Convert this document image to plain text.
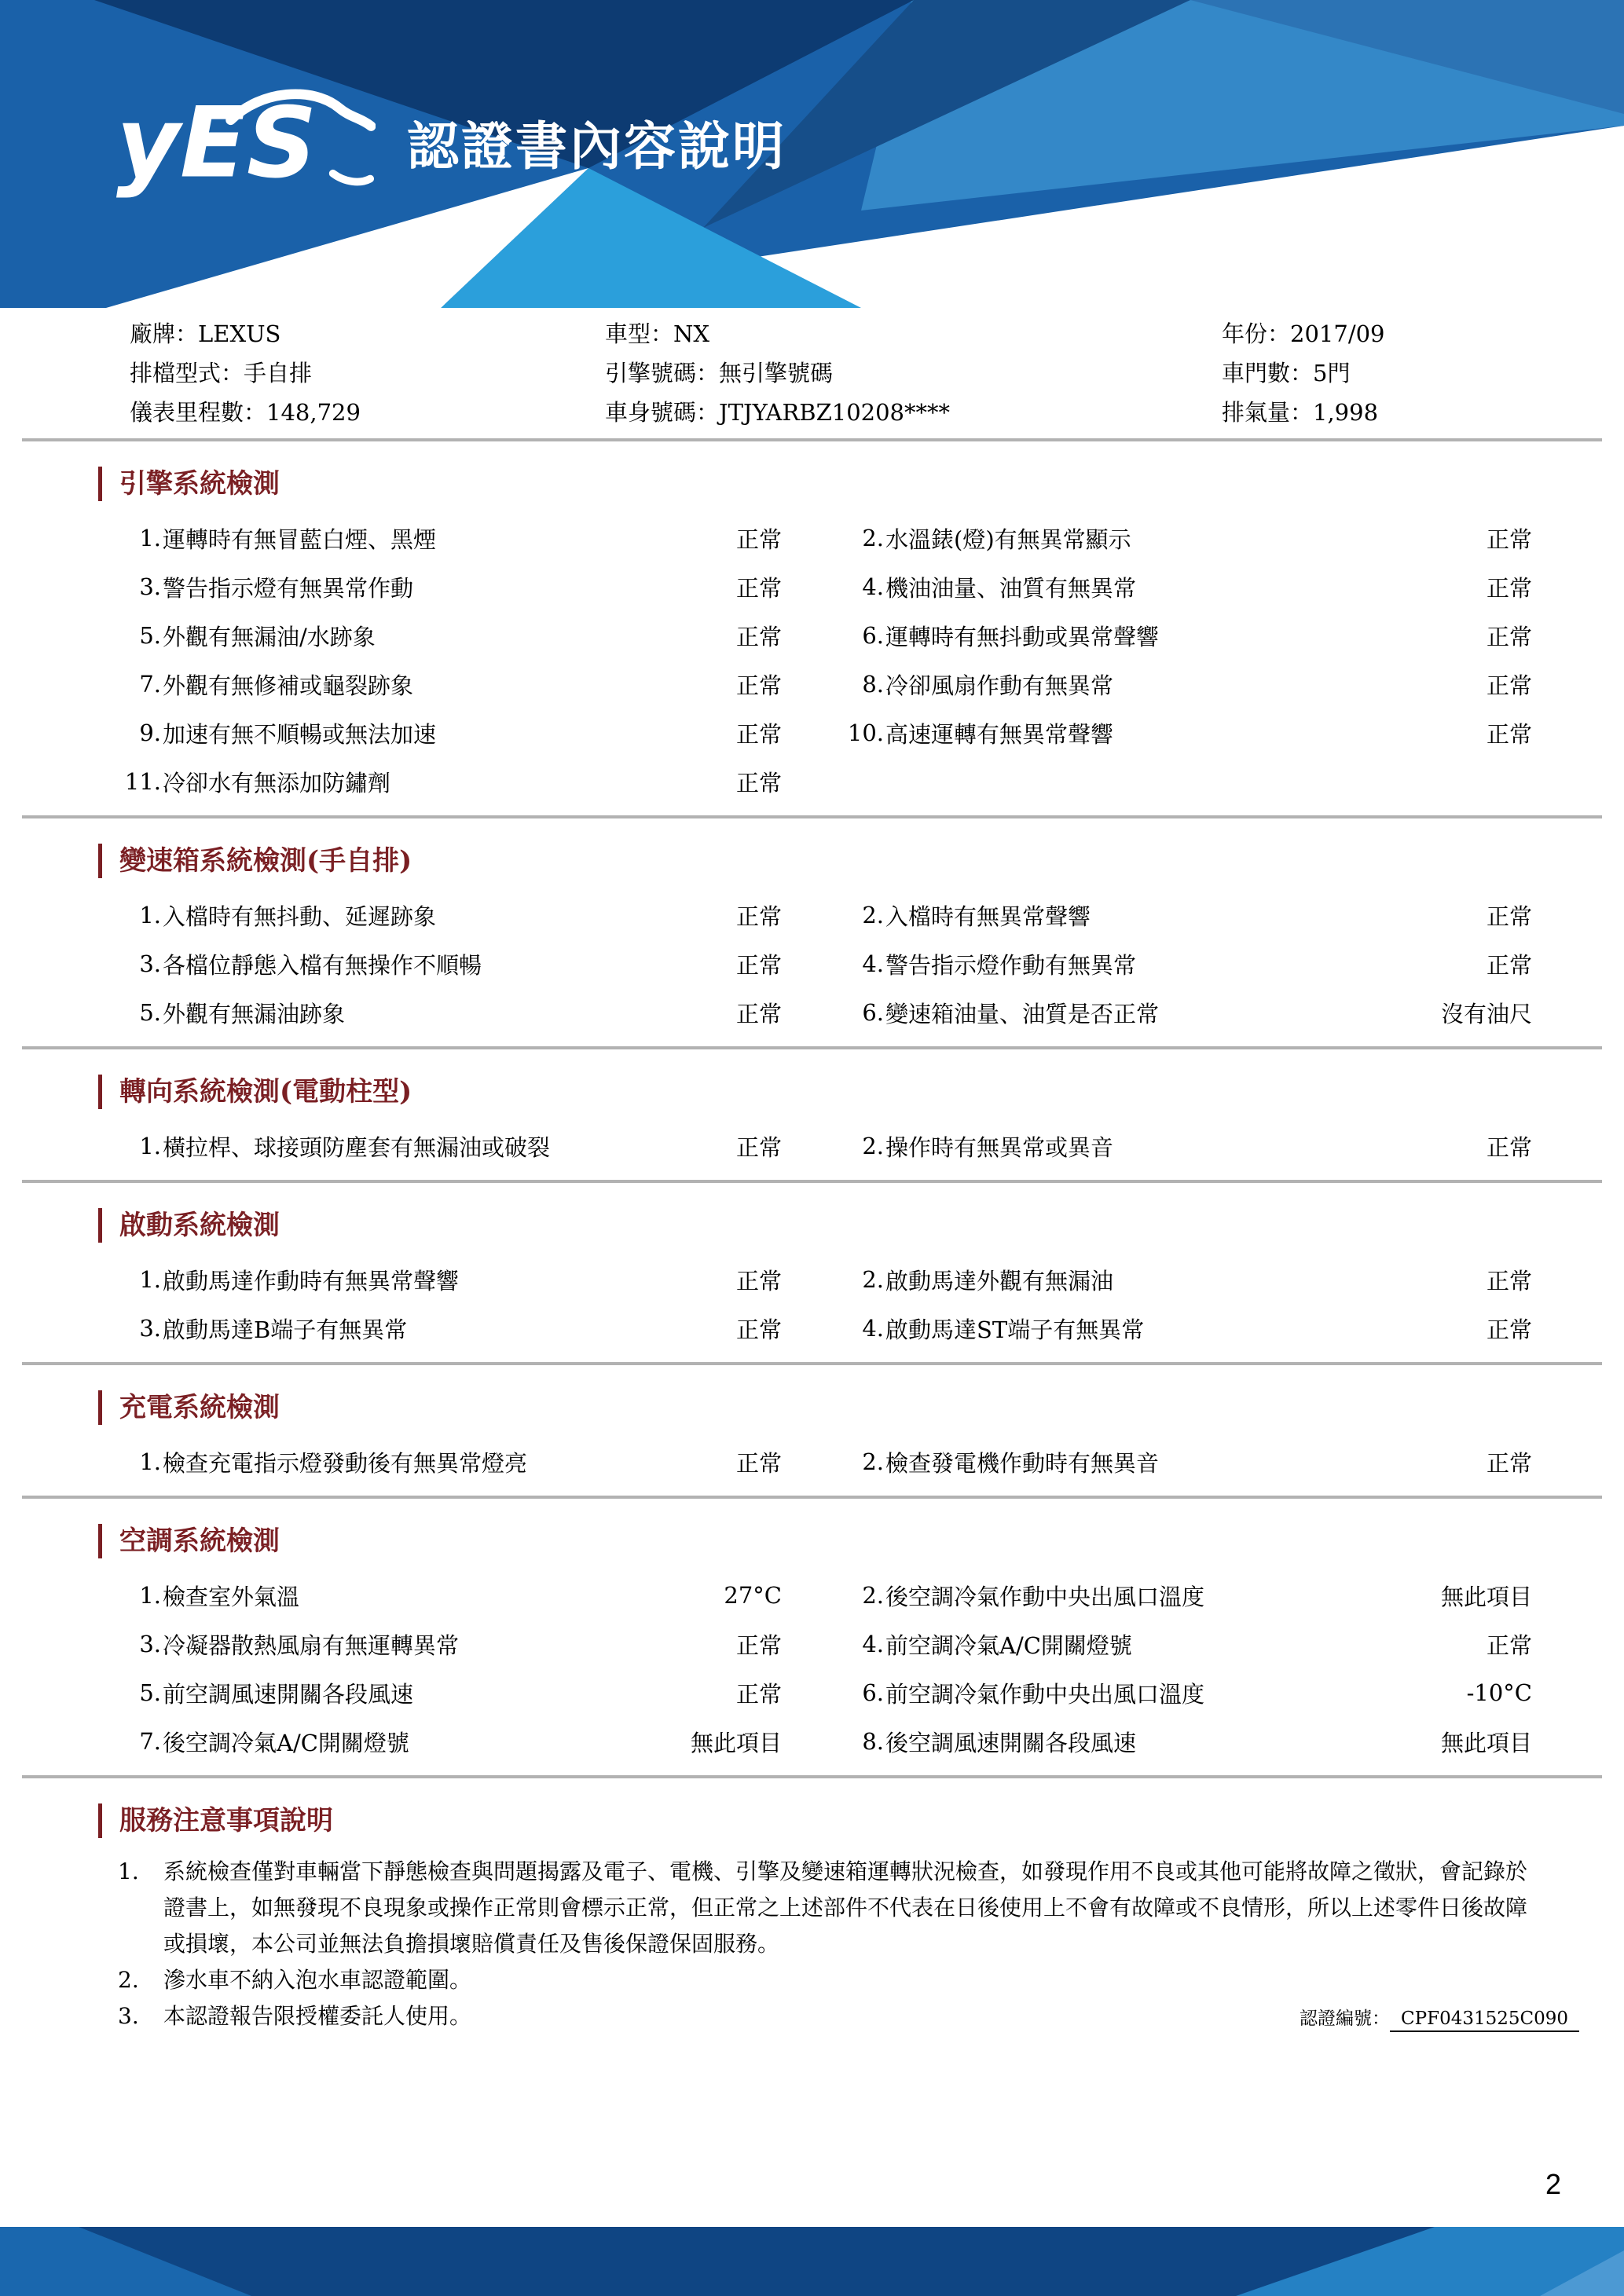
yES 認證書內容說明
廠牌：LEXUS	車型：NX	年份：2017/09
排檔型式：手自排	引擎號碼：無引擎號碼	車門數：5門
儀表里程數：148,729	車身號碼：JTJYARBZ10208****	排氣量：1,998
引擎系統檢測
1. 運轉時有無冒藍白煙、黑煙	正常	2. 水溫錶(燈)有無異常顯示	正常
3. 警告指示燈有無異常作動	正常	4. 機油油量、油質有無異常	正常
5. 外觀有無漏油/水跡象	正常	6. 運轉時有無抖動或異常聲響	正常
7. 外觀有無修補或龜裂跡象	正常	8. 冷卻風扇作動有無異常	正常
9. 加速有無不順暢或無法加速	正常	10. 高速運轉有無異常聲響	正常
11. 冷卻水有無添加防鏽劑	正常
變速箱系統檢測(手自排)
1. 入檔時有無抖動、延遲跡象	正常	2. 入檔時有無異常聲響	正常
3. 各檔位靜態入檔有無操作不順暢	正常	4. 警告指示燈作動有無異常	正常
5. 外觀有無漏油跡象	正常	6. 變速箱油量、油質是否正常	沒有油尺
轉向系統檢測(電動柱型)
1. 橫拉桿、球接頭防塵套有無漏油或破裂	正常	2. 操作時有無異常或異音	正常
啟動系統檢測
1. 啟動馬達作動時有無異常聲響	正常	2. 啟動馬達外觀有無漏油	正常
3. 啟動馬達B端子有無異常	正常	4. 啟動馬達ST端子有無異常	正常
充電系統檢測
1. 檢查充電指示燈發動後有無異常燈亮	正常	2. 檢查發電機作動時有無異音	正常
空調系統檢測
1. 檢查室外氣溫	27°C	2. 後空調冷氣作動中央出風口溫度	無此項目
3. 冷凝器散熱風扇有無運轉異常	正常	4. 前空調冷氣A/C開關燈號	正常
5. 前空調風速開關各段風速	正常	6. 前空調冷氣作動中央出風口溫度	-10°C
7. 後空調冷氣A/C開關燈號	無此項目	8. 後空調風速開關各段風速	無此項目
服務注意事項說明
1.	系統檢查僅對車輛當下靜態檢查與問題揭露及電子、電機、引擎及變速箱運轉狀況檢查，如發現作用不良或其他可能將故障之徵狀，會記錄於證書上，如無發現不良現象或操作正常則會標示正常，但正常之上述部件不代表在日後使用上不會有故障或不良情形，所以上述零件日後故障或損壞，本公司並無法負擔損壞賠償責任及售後保證保固服務。
2.	滲水車不納入泡水車認證範圍。
3.	本認證報告限授權委託人使用。	認證編號： CPF0431525C090
2
